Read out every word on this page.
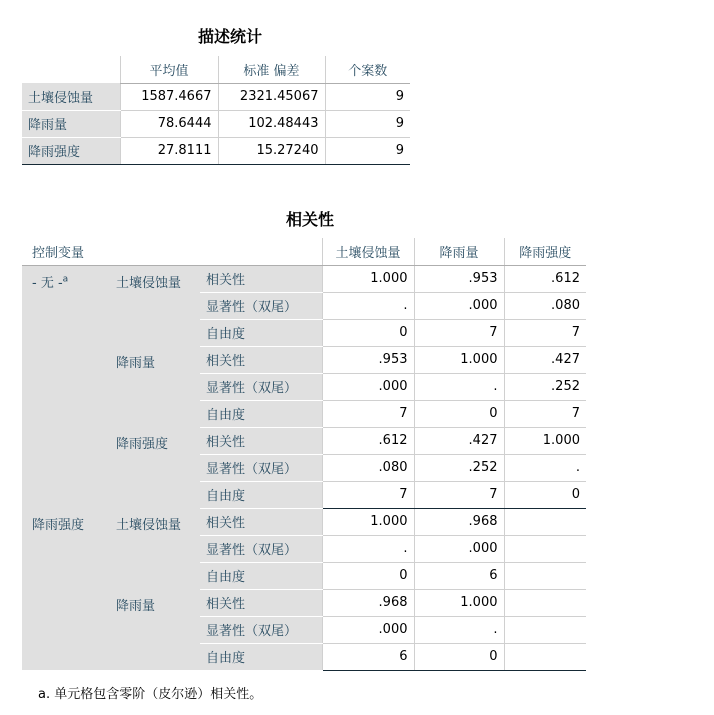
描述统计
	平均值	标准 偏差	个案数
土壤侵蚀量	1587.4667	2321.45067	9
降雨量	78.6444	102.48443	9
降雨强度	27.8111	15.27240	9
相关性
控制变量			土壤侵蚀量	降雨量	降雨强度
- 无 -$^a$	土壤侵蚀量	相关性	1.000	.953	.612
		显著性（双尾）	.	.000	.080
		自由度	0	7	7
	降雨量	相关性	.953	1.000	.427
		显著性（双尾）	.000	.	.252
		自由度	7	0	7
	降雨强度	相关性	.612	.427	1.000
		显著性（双尾）	.080	.252	.
		自由度	7	7	0
降雨强度	土壤侵蚀量	相关性	1.000	.968	
		显著性（双尾）	.	.000	
		自由度	0	6	
	降雨量	相关性	.968	1.000	
		显著性（双尾）	.000	.	
		自由度	6	0	
a. 单元格包含零阶（皮尔逊）相关性。
